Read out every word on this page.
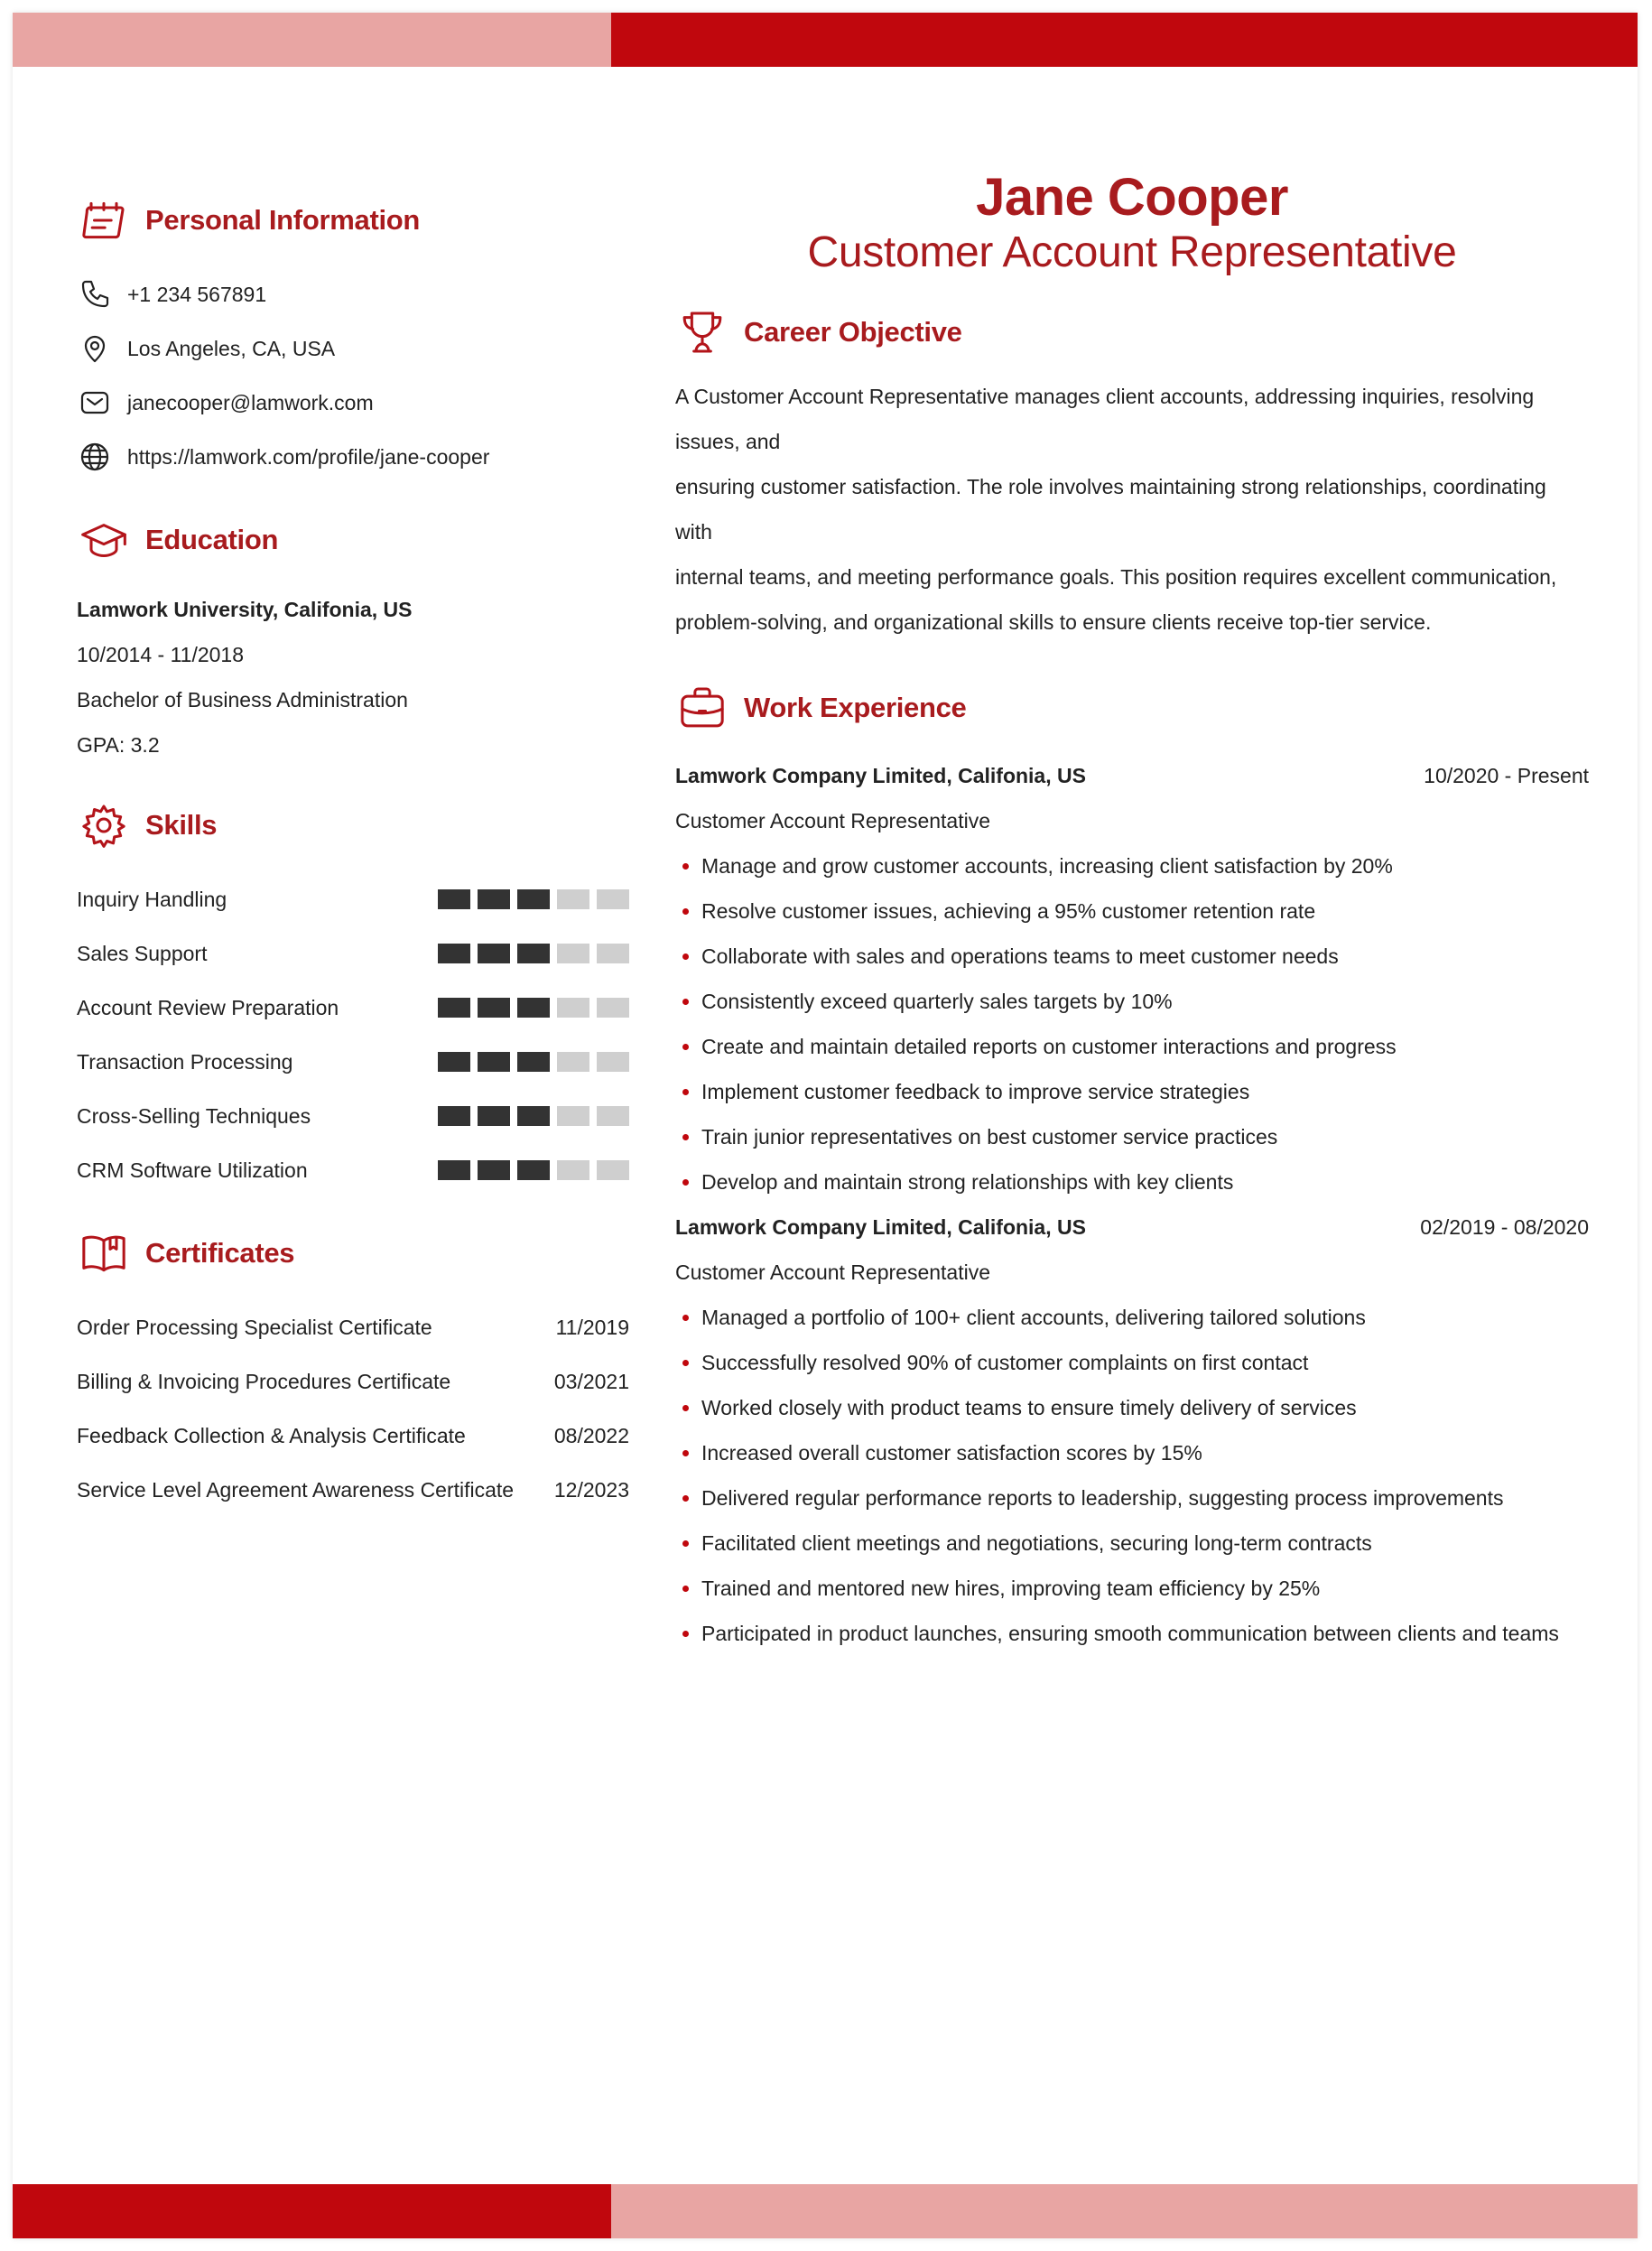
Personal Information
+1 234 567891
Los Angeles, CA, USA
janecooper@lamwork.com
https://lamwork.com/profile/jane-cooper
Education
Lamwork University, Califonia, US
10/2014 - 11/2018
Bachelor of Business Administration
GPA: 3.2
Skills
Inquiry Handling
Sales Support
Account Review Preparation
Transaction Processing
Cross-Selling Techniques
CRM Software Utilization
Certificates
Order Processing Specialist Certificate	11/2019
Billing & Invoicing Procedures Certificate	03/2021
Feedback Collection & Analysis Certificate	08/2022
Service Level Agreement Awareness Certificate 12/2023
Jane Cooper
Customer Account Representative
Career Objective
A Customer Account Representative manages client accounts, addressing inquiries, resolving issues, and
ensuring customer satisfaction. The role involves maintaining strong relationships, coordinating with
internal teams, and meeting performance goals. This position requires excellent communication,
problem-solving, and organizational skills to ensure clients receive top-tier service.
Work Experience
Lamwork Company Limited, Califonia, US	10/2020 - Present
Customer Account Representative
Manage and grow customer accounts, increasing client satisfaction by 20%
Resolve customer issues, achieving a 95% customer retention rate
Collaborate with sales and operations teams to meet customer needs
Consistently exceed quarterly sales targets by 10%
Create and maintain detailed reports on customer interactions and progress
Implement customer feedback to improve service strategies
Train junior representatives on best customer service practices
Develop and maintain strong relationships with key clients
Lamwork Company Limited, Califonia, US	02/2019 - 08/2020
Customer Account Representative
Managed a portfolio of 100+ client accounts, delivering tailored solutions
Successfully resolved 90% of customer complaints on first contact
Worked closely with product teams to ensure timely delivery of services
Increased overall customer satisfaction scores by 15%
Delivered regular performance reports to leadership, suggesting process improvements
Facilitated client meetings and negotiations, securing long-term contracts
Trained and mentored new hires, improving team efficiency by 25%
Participated in product launches, ensuring smooth communication between clients and teams
